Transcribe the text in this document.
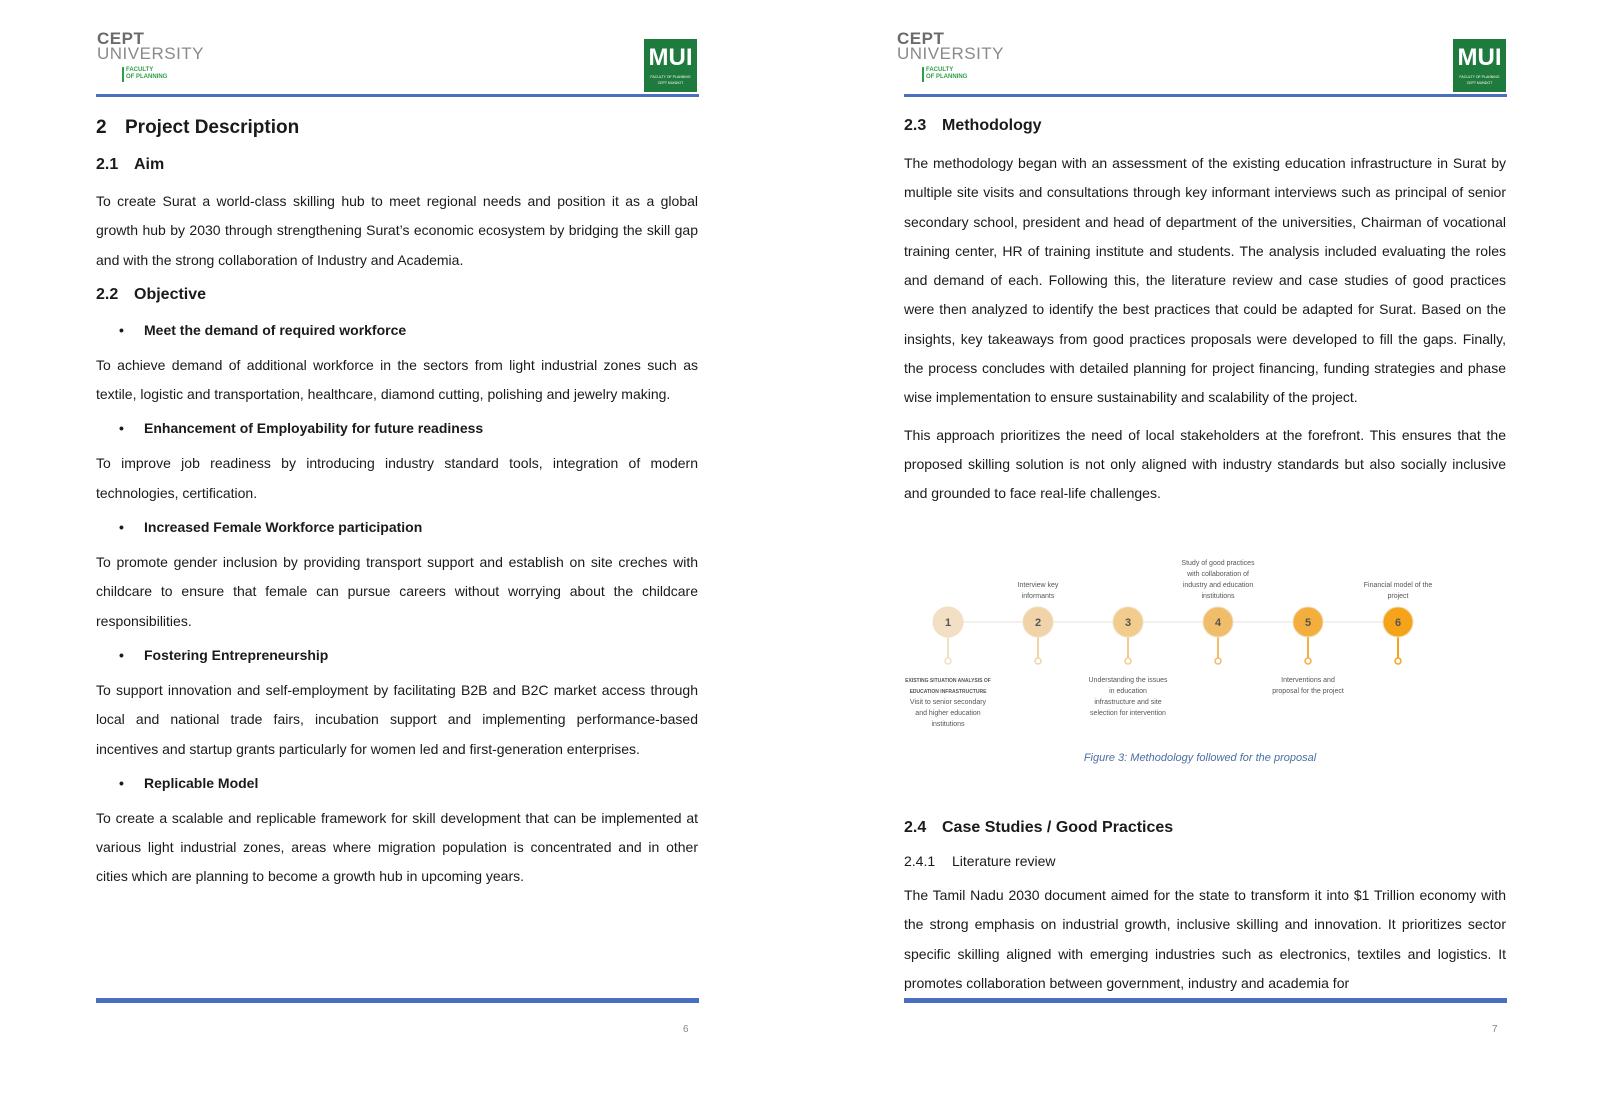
CEPT
UNIVERSITY
FACULTY
OF PLANNING
MUI
FACULTY OF PLANNING
CEPT MUNDOT
2 Project Description
2.1 Aim

To create Surat a world-class skilling hub to meet regional needs and position it as a global growth hub by 2030 through strengthening Surat’s economic ecosystem by bridging the skill gap and with the strong collaboration of Industry and Academia.

2.2 Objective
• Meet the demand of required workforce

To achieve demand of additional workforce in the sectors from light industrial zones such as textile, logistic and transportation, healthcare, diamond cutting, polishing and jewelry making.

• Enhancement of Employability for future readiness

To improve job readiness by introducing industry standard tools, integration of modern technologies, certification.

• Increased Female Workforce participation

To promote gender inclusion by providing transport support and establish on site creches with childcare to ensure that female can pursue careers without worrying about the childcare responsibilities.

• Fostering Entrepreneurship

To support innovation and self-employment by facilitating B2B and B2C market access through local and national trade fairs, incubation support and implementing performance-based incentives and startup grants particularly for women led and first-generation enterprises.

• Replicable Model

To create a scalable and replicable framework for skill development that can be implemented at various light industrial zones, areas where migration population is concentrated and in other cities which are planning to become a growth hub in upcoming years.

6
CEPT
UNIVERSITY
FACULTY
OF PLANNING
MUI
FACULTY OF PLANNING
CEPT MUNDOT
2.3 Methodology

The methodology began with an assessment of the existing education infrastructure in Surat by multiple site visits and consultations through key informant interviews such as principal of senior secondary school, president and head of department of the universities, Chairman of vocational training center, HR of training institute and students. The analysis included evaluating the roles and demand of each. Following this, the literature review and case studies of good practices were then analyzed to identify the best practices that could be adapted for Surat. Based on the insights, key takeaways from good practices proposals were developed to fill the gaps. Finally, the process concludes with detailed planning for project financing, funding strategies and phase wise implementation to ensure sustainability and scalability of the project.

This approach prioritizes the need of local stakeholders at the forefront. This ensures that the proposed skilling solution is not only aligned with industry standards but also socially inclusive and grounded to face real-life challenges.

1
EXISTING SITUATION ANALYSIS OF
EDUCATION INFRASTRUCTURE
Visit to senior secondary
and higher education
institutions
2
Interview key
informants
3
Understanding the issues
in education
infrastructure and site
selection for intervention
4
Study of good practices
with collaboration of
industry and education
institutions
5
Interventions and
proposal for the project
6
Financial model of the
project
Figure 3: Methodology followed for the proposal
2.4 Case Studies / Good Practices
2.4.1 Literature review

The Tamil Nadu 2030 document aimed for the state to transform it into $1 Trillion economy with the strong emphasis on industrial growth, inclusive skilling and innovation. It prioritizes sector specific skilling aligned with emerging industries such as electronics, textiles and logistics. It promotes collaboration between government, industry and academia for

7
